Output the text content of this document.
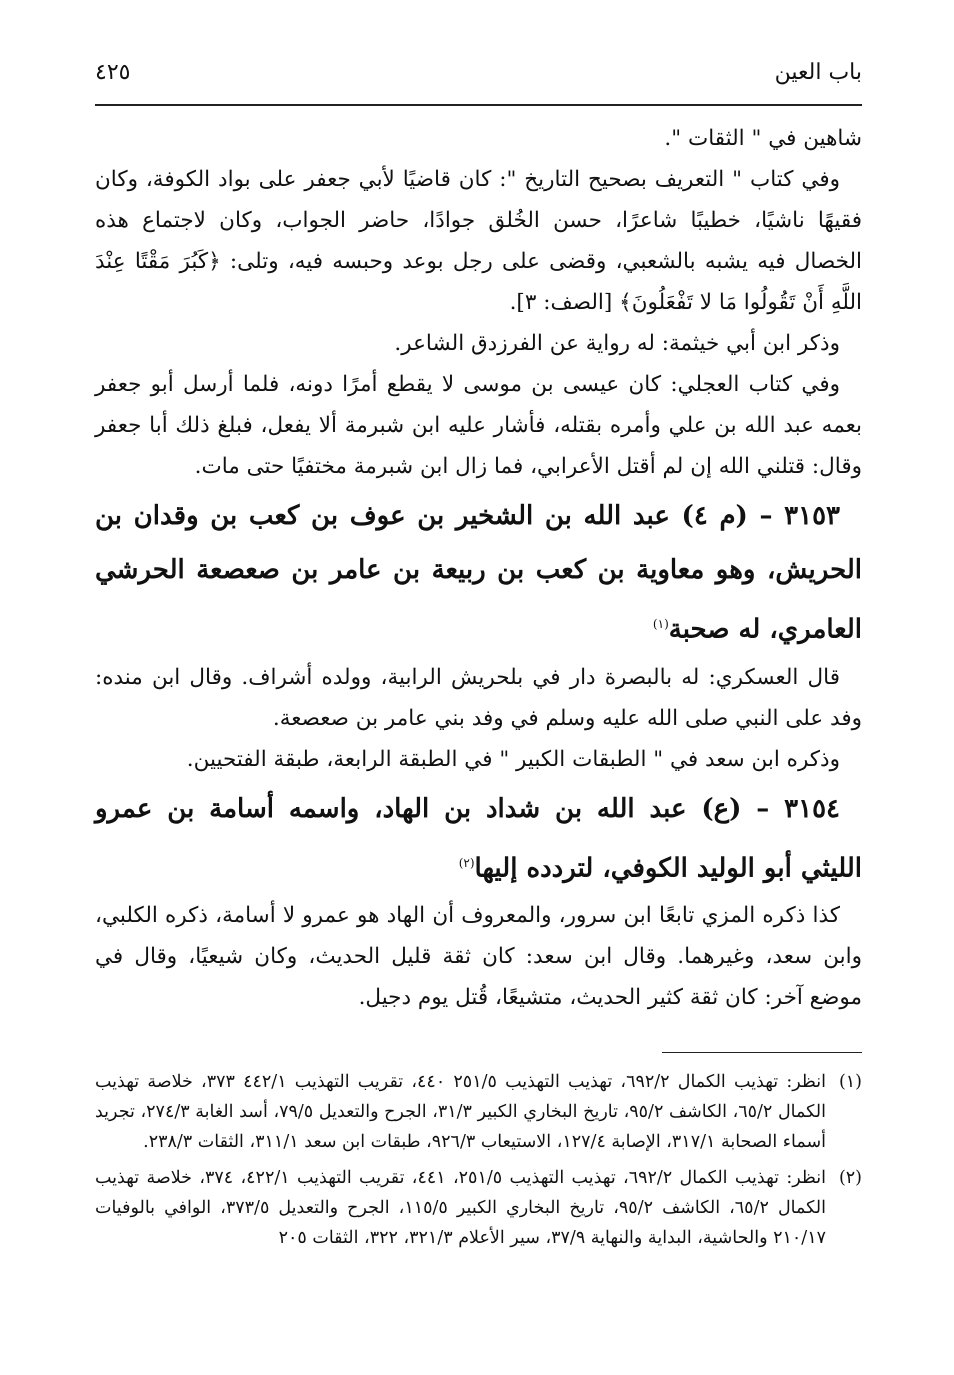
باب العين
٤٢٥

شاهين في " الثقات ".

وفي كتاب " التعريف بصحيح التاريخ ": كان قاضيًا لأبي جعفر على بواد الكوفة، وكان فقيهًا ناشيًا، خطيبًا شاعرًا، حسن الخُلق جوادًا، حاضر الجواب، وكان لاجتماع هذه الخصال فيه يشبه بالشعبي، وقضى على رجل بوعد وحبسه فيه، وتلى: ﴿كَبُرَ مَقْتًا عِنْدَ اللَّهِ أَنْ تَقُولُوا مَا لا تَفْعَلُونَ﴾ [الصف: ٣].

وذكر ابن أبي خيثمة: له رواية عن الفرزدق الشاعر.

وفي كتاب العجلي: كان عيسى بن موسى لا يقطع أمرًا دونه، فلما أرسل أبو جعفر بعمه عبد الله بن علي وأمره بقتله، فأشار عليه ابن شبرمة ألا يفعل، فبلغ ذلك أبا جعفر وقال: قتلني الله إن لم أقتل الأعرابي، فما زال ابن شبرمة مختفيًا حتى مات.

٣١٥٣ – (م ٤) عبد الله بن الشخير بن عوف بن كعب بن وقدان بن الحريش، وهو معاوية بن كعب بن ربيعة بن عامر بن صعصعة الحرشي العامري، له صحبة$^{(١)}$

قال العسكري: له بالبصرة دار في بلحريش الرابية، وولده أشراف. وقال ابن منده: وفد على النبي صلى الله عليه وسلم في وفد بني عامر بن صعصعة.

وذكره ابن سعد في " الطبقات الكبير " في الطبقة الرابعة، طبقة الفتحيين.

٣١٥٤ – (ع) عبد الله بن شداد بن الهاد، واسمه أسامة بن عمرو الليثي أبو الوليد الكوفي، لتردده إليها$^{(٢)}$

كذا ذكره المزي تابعًا ابن سرور، والمعروف أن الهاد هو عمرو لا أسامة، ذكره الكلبي، وابن سعد، وغيرهما. وقال ابن سعد: كان ثقة قليل الحديث، وكان شيعيًا، وقال في موضع آخر: كان ثقة كثير الحديث، متشيعًا، قُتل يوم دجيل.

(١)
انظر: تهذيب الكمال ٦٩٢/٢، تهذيب التهذيب ٢٥١/٥ ٤٤٠، تقريب التهذيب ٤٤٢/١ ٣٧٣، خلاصة تهذيب الكمال ٦٥/٢، الكاشف ٩٥/٢، تاريخ البخاري الكبير ٣١/٣، الجرح والتعديل ٧٩/٥، أسد الغابة ٢٧٤/٣، تجريد أسماء الصحابة ٣١٧/١، الإصابة ١٢٧/٤، الاستيعاب ٩٢٦/٣، طبقات ابن سعد ٣١١/١، الثقات ٢٣٨/٣.
(٢)
انظر: تهذيب الكمال ٦٩٢/٢، تهذيب التهذيب ٢٥١/٥، ٤٤١، تقريب التهذيب ٤٢٢/١، ٣٧٤، خلاصة تهذيب الكمال ٦٥/٢، الكاشف ٩٥/٢، تاريخ البخاري الكبير ١١٥/٥، الجرح والتعديل ٣٧٣/٥، الوافي بالوفيات ٢١٠/١٧ والحاشية، البداية والنهاية ٣٧/٩، سير الأعلام ٣٢١/٣، ٣٢٢، الثقات ٢٠٥
